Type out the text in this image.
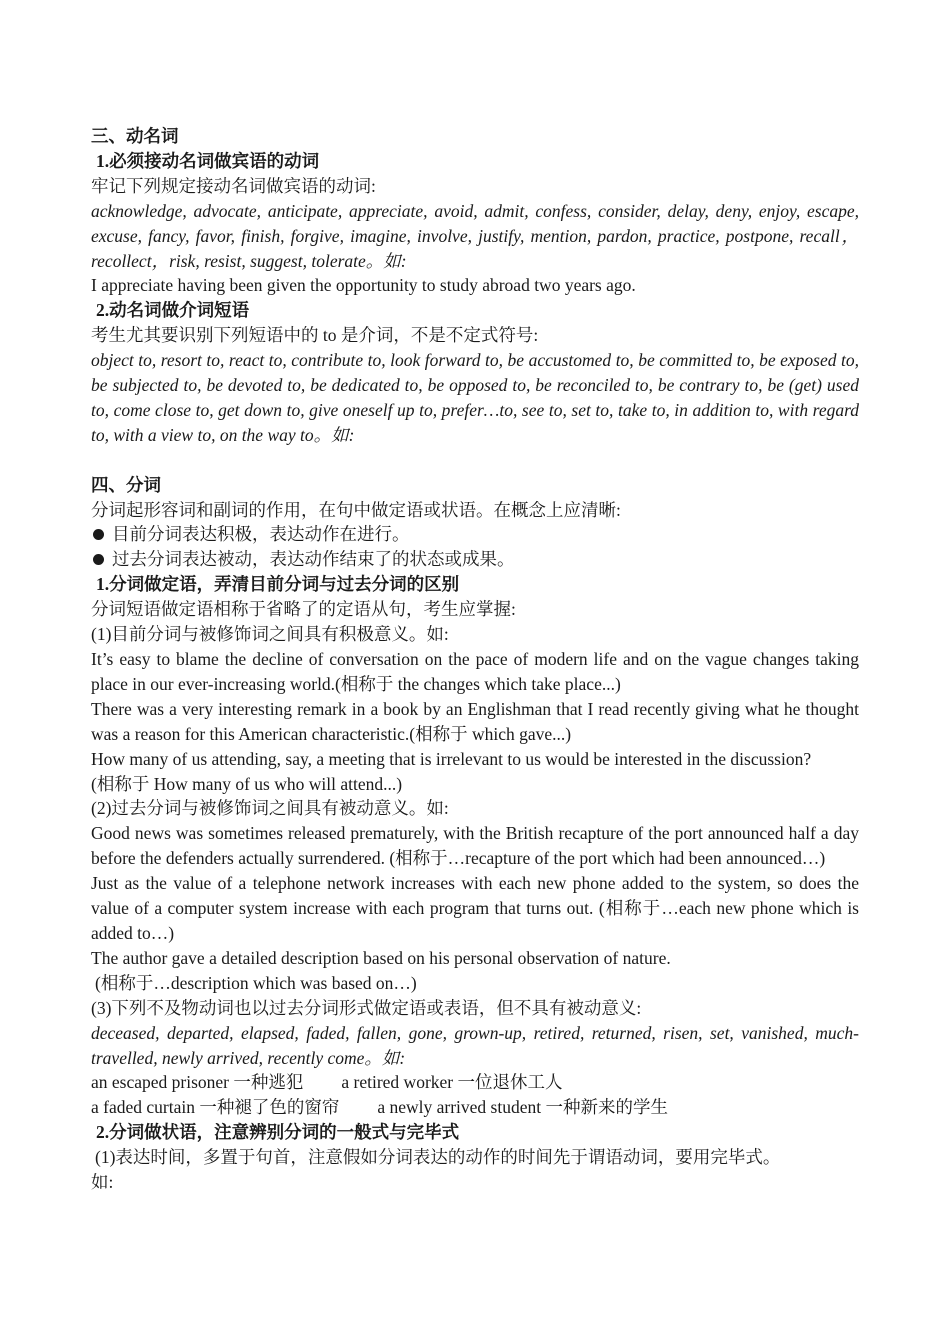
三、动名词

1.必须接动名词做宾语的动词

牢记下列规定接动名词做宾语的动词:

acknowledge, advocate, anticipate, appreciate, avoid, admit, confess, consider, delay, deny, enjoy, escape, excuse, fancy, favor, finish, forgive, imagine, involve, justify, mention, pardon, practice, postpone, recall，recollect，risk, resist, suggest, tolerate。如:

I appreciate having been given the opportunity to study abroad two years ago.

2.动名词做介词短语

考生尤其要识别下列短语中的 to 是介词，不是不定式符号:

object to, resort to, react to, contribute to, look forward to, be accustomed to, be committed to, be exposed to, be subjected to, be devoted to, be dedicated to, be opposed to, be reconciled to, be contrary to, be (get) used to, come close to, get down to, give oneself up to, prefer…to, see to, set to, take to, in addition to, with regard to, with a view to, on the way to。如:

四、分词

分词起形容词和副词的作用，在句中做定语或状语。在概念上应清晰:

目前分词表达积极，表达动作在进行。

过去分词表达被动，表达动作结束了的状态或成果。

1.分词做定语，弄清目前分词与过去分词的区别

分词短语做定语相称于省略了的定语从句，考生应掌握:

(1)目前分词与被修饰词之间具有积极意义。如:

It’s easy to blame the decline of conversation on the pace of modern life and on the vague changes taking place in our ever-increasing world.(相称于 the changes which take place...)

There was a very interesting remark in a book by an Englishman that I read recently giving what he thought was a reason for this American characteristic.(相称于 which gave...)

How many of us attending, say, a meeting that is irrelevant to us would be interested in the discussion?

(相称于 How many of us who will attend...)

(2)过去分词与被修饰词之间具有被动意义。如:

Good news was sometimes released prematurely, with the British recapture of the port announced half a day before the defenders actually surrendered. (相称于…recapture of the port which had been announced…)

Just as the value of a telephone network increases with each new phone added to the system, so does the value of a computer system increase with each program that turns out. (相称于…each new phone which is added to…)

The author gave a detailed description based on his personal observation of nature.

(相称于…description which was based on…)

(3)下列不及物动词也以过去分词形式做定语或表语，但不具有被动意义:

deceased, departed, elapsed, faded, fallen, gone, grown-up, retired, returned, risen, set, vanished, much-travelled, newly arrived, recently come。如:

an escaped prisoner 一种逃犯 a retired worker 一位退休工人

a faded curtain 一种褪了色的窗帘 a newly arrived student 一种新来的学生

2.分词做状语，注意辨别分词的一般式与完毕式

(1)表达时间，多置于句首，注意假如分词表达的动作的时间先于谓语动词，要用完毕式。

如:
